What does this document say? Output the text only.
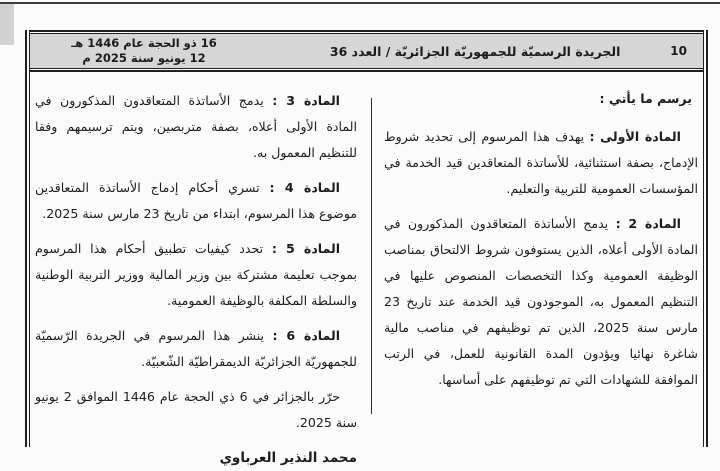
10
الجريدة الرسميّة للجمهوريّة الجزائريّة / العدد 36
16 ذو الحجة عام 1446 هـ
12 يونيو سنة 2025 م

يرسم ما يأتي :

المادة الأولى : يهدف هذا المرسوم إلى تحديد شروط الإدماج، بصفة استثنائية، للأساتذة المتعاقدين قيد الخدمة في المؤسسات العمومية للتربية والتعليم.

المادة 2 : يدمج الأساتذة المتعاقدون المذكورون في المادة الأولى أعلاه، الذين يستوفون شروط الالتحاق بمناصب الوظيفة العمومية وكذا التخصصات المنصوص عليها في التنظيم المعمول به، الموجودون قيد الخدمة عند تاريخ 23 مارس سنة 2025، الذين تم توظيفهم في مناصب مالية شاغرة نهائيا ويؤدون المدة القانونية للعمل، في الرتب الموافقة للشهادات التي تم توظيفهم على أساسها.

المادة 3 : يدمج الأساتذة المتعاقدون المذكورون في المادة الأولى أعلاه، بصفة متربصين، ويتم ترسيمهم وفقا للتنظيم المعمول به.

المادة 4 : تسري أحكام إدماج الأساتذة المتعاقدين موضوع هذا المرسوم، ابتداء من تاريخ 23 مارس سنة 2025.

المادة 5 : تحدد كيفيات تطبيق أحكام هذا المرسوم بموجب تعليمة مشتركة بين وزير المالية ووزير التربية الوطنية والسلطة المكلفة بالوظيفة العمومية.

المادة 6 : ينشر هذا المرسوم في الجريدة الرّسميّة للجمهوريّة الجزائريّة الديمقراطيّة الشّعبيّة.

حرّر بالجزائر في 6 ذي الحجة عام 1446 الموافق 2 يونيو سنة 2025.

محمد النذير العرباوي
